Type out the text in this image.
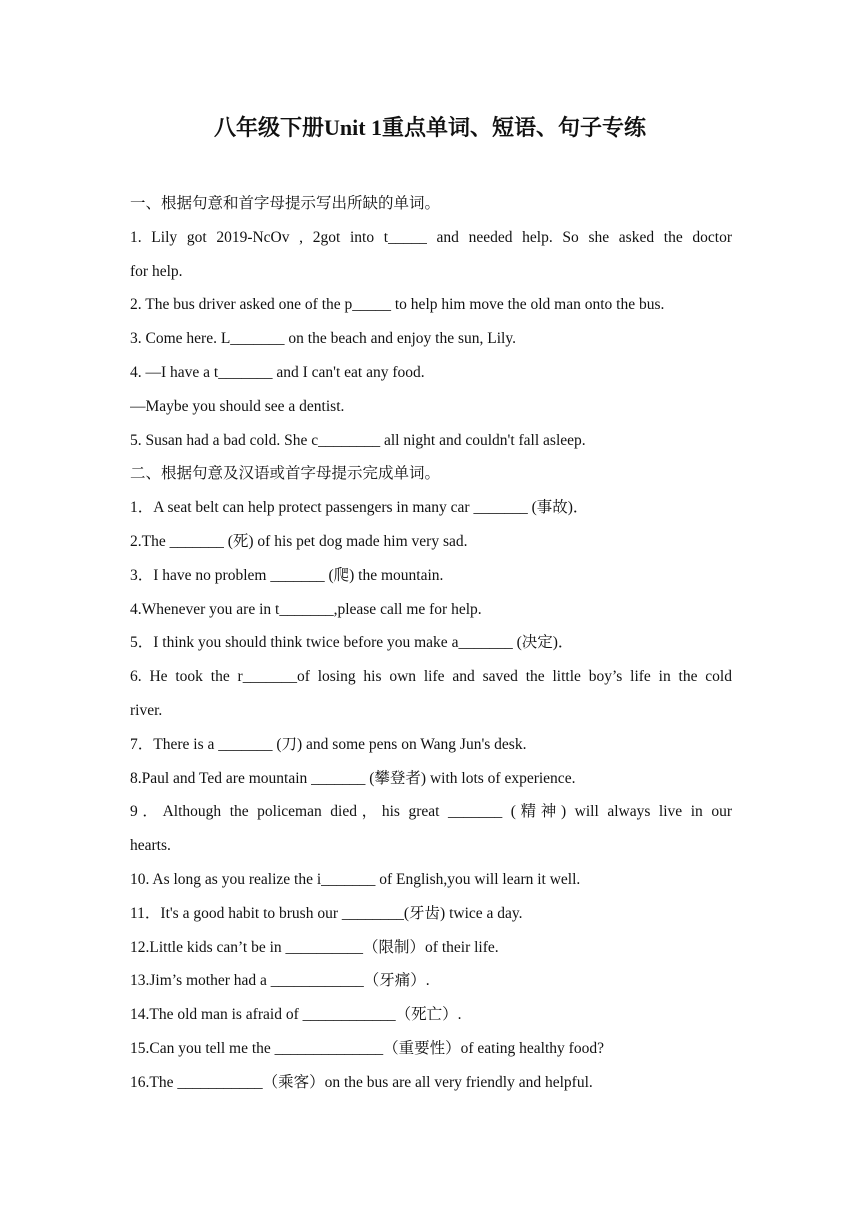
八年级下册Unit 1重点单词、短语、句子专练
一、根据句意和首字母提示写出所缺的单词。
1. Lily got 2019-NcOv , 2got into t_____ and needed help. So she asked the doctor
for help.
2. The bus driver asked one of the p_____ to help him move the old man onto the bus.
3. Come here. L_______ on the beach and enjoy the sun, Lily.
4. —I have a t_______ and I can't eat any food.
—Maybe you should see a dentist.
5. Susan had a bad cold. She c________ all night and couldn't fall asleep.
二、根据句意及汉语或首字母提示完成单词。
1．A seat belt can help protect passengers in many car _______ (事故)．
2.The _______ (死) of his pet dog made him very sad.
3．I have no problem _______ (爬) the mountain.
4.Whenever you are in t_______,please call me for help.
5．I think you should think twice before you make a_______ (决定)．
6. He took the r_______of losing his own life and saved the little boy’s life in the cold
river.
7．There is a _______ (刀) and some pens on Wang Jun's desk.
8.Paul and Ted are mountain _______ (攀登者) with lots of experience.
9．Although the policeman died，his great _______ (精神) will always live in our
hearts.
10. As long as you realize the i_______ of English,you will learn it well.
11．It's a good habit to brush our ________(牙齿) twice a day.
12.Little kids can’t be in __________（限制）of their life.
13.Jim’s mother had a ____________（牙痛）.
14.The old man is afraid of ____________（死亡）.
15.Can you tell me the ______________（重要性）of eating healthy food?
16.The ___________（乘客）on the bus are all very friendly and helpful.
